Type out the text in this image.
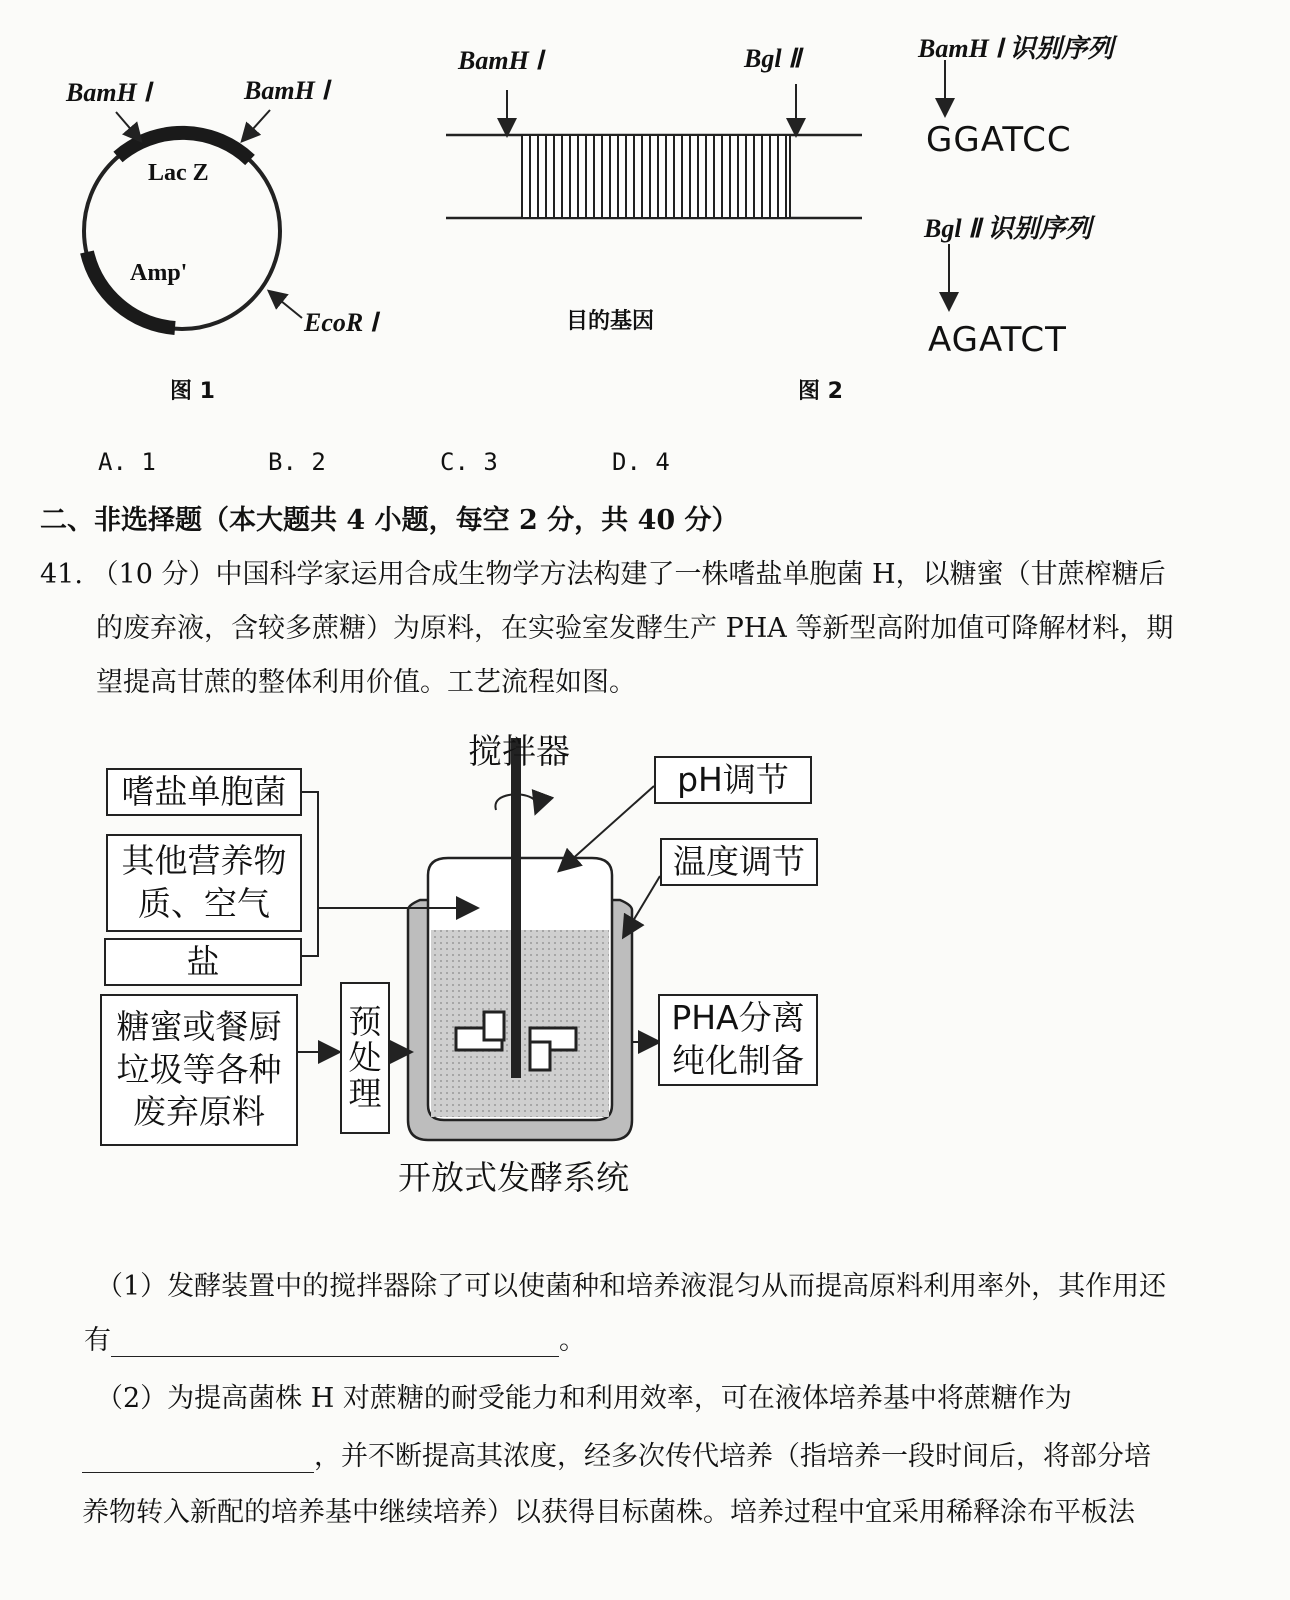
BamH Ⅰ	BamH Ⅰ
Lac Z
Amp'
EcoR Ⅰ
图 1
BamH Ⅰ	Bgl Ⅱ
目的基因
BamH Ⅰ 识别序列
GGATCC
Bgl Ⅱ 识别序列
AGATCT
图 2
A. 1	B. 2	C. 3	D. 4
二、非选择题（本大题共 4 小题，每空 2 分，共 40 分）
41. （10 分）中国科学家运用合成生物学方法构建了一株嗜盐单胞菌 H，以糖蜜（甘蔗榨糖后
的废弃液，含较多蔗糖）为原料，在实验室发酵生产 PHA 等新型高附加值可降解材料，期
望提高甘蔗的整体利用价值。工艺流程如图。
搅拌器
嗜盐单胞菌
其他营养物质、空气
盐
糖蜜或餐厨垃圾等各种废弃原料
预处理
pH调节
温度调节
PHA分离纯化制备
开放式发酵系统
（1）发酵装置中的搅拌器除了可以使菌种和培养液混匀从而提高原料利用率外，其作用还
有	。
（2）为提高菌株 H 对蔗糖的耐受能力和利用效率，可在液体培养基中将蔗糖作为
，并不断提高其浓度，经多次传代培养（指培养一段时间后，将部分培
养物转入新配的培养基中继续培养）以获得目标菌株。培养过程中宜采用稀释涂布平板法
